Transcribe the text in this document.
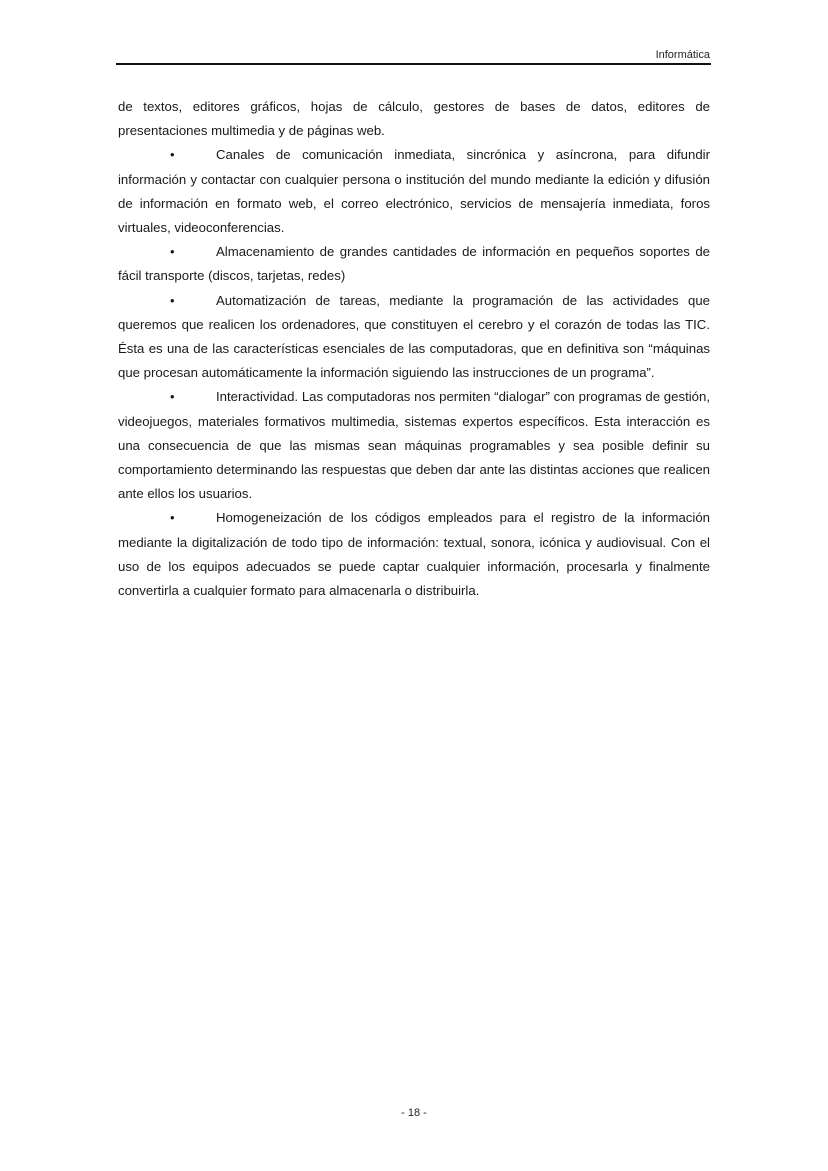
Informática

de textos, editores gráficos, hojas de cálculo, gestores de bases de datos, editores de presentaciones multimedia y de páginas web.

•	Canales de comunicación inmediata, sincrónica y asíncrona, para difundir información y contactar con cualquier persona o institución del mundo mediante la edición y difusión de información en formato web, el correo electrónico, servicios de mensajería inmediata, foros virtuales, videoconferencias.

•	Almacenamiento de grandes cantidades de información en pequeños soportes de fácil transporte (discos, tarjetas, redes)

•	Automatización de tareas, mediante la programación de las actividades que queremos que realicen los ordenadores, que constituyen el cerebro y el corazón de todas las TIC. Ésta es una de las características esenciales de las computadoras, que en definitiva son “máquinas que procesan automáticamente la información siguiendo las instrucciones de un programa”.

•	Interactividad. Las computadoras nos permiten “dialogar” con programas de gestión, videojuegos, materiales formativos multimedia, sistemas expertos específicos. Esta interacción es una consecuencia de que las mismas sean máquinas programables y sea posible definir su comportamiento determinando las respuestas que deben dar ante las distintas acciones que realicen ante ellos los usuarios.

•	Homogeneización de los códigos empleados para el registro de la información mediante la digitalización de todo tipo de información: textual, sonora, icónica y audiovisual. Con el uso de los equipos adecuados se puede captar cualquier información, procesarla y finalmente convertirla a cualquier formato para almacenarla o distribuirla.

- 18 -
